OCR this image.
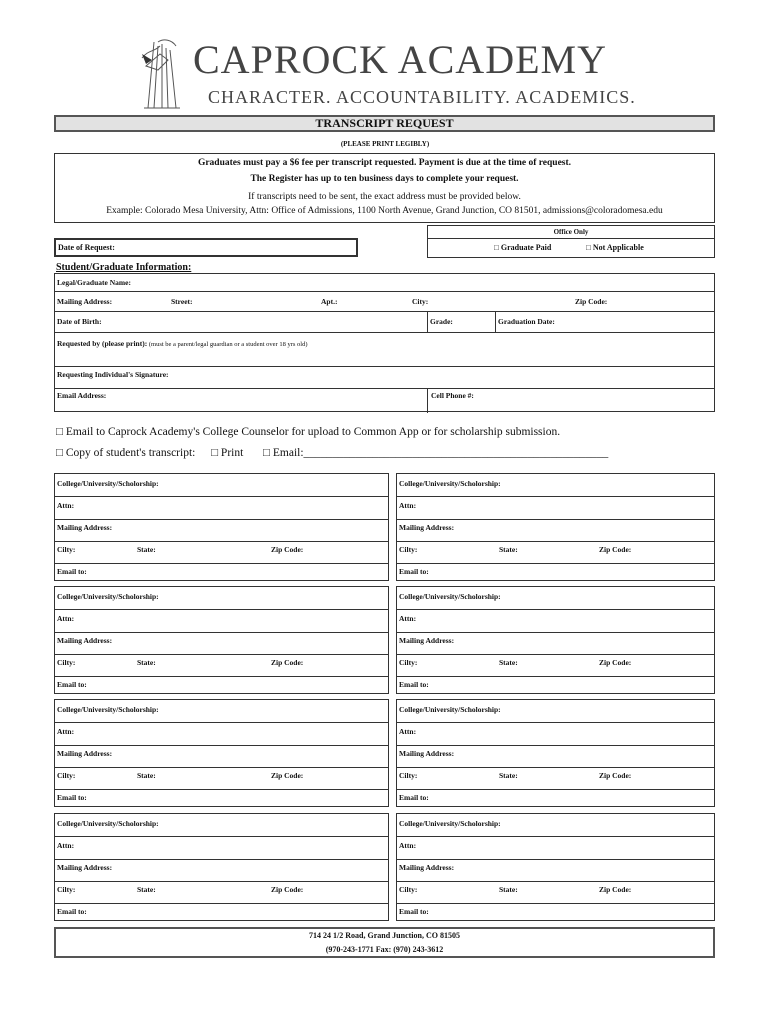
CAPROCK ACADEMY
CHARACTER. ACCOUNTABILITY. ACADEMICS.
TRANSCRIPT REQUEST
(PLEASE PRINT LEGIBLY)
Graduates must pay a $6 fee per transcript requested. Payment is due at the time of request.
The Register has up to ten business days to complete your request.
If transcripts need to be sent, the exact address must be provided below.
Example: Colorado Mesa University, Attn: Office of Admissions, 1100 North Avenue, Grand Junction, CO 81501, admissions@coloradomesa.edu
Office Only
□ Graduate Paid	□ Not Applicable
Date of Request:
Student/Graduate Information:
Legal/Graduate Name:
Mailing Address:	Street:	Apt.:	City:	Zip Code:
Date of Birth:	Grade:	Graduation Date:
Requested by (please print): (must be a parent/legal guardian or a student over 18 yrs old)
Requesting Individual's Signature:
Email Address:	Cell Phone #:
□ Email to Caprock Academy's College Counselor for upload to Common App or for scholarship submission.
□ Copy of student's transcript: □ Print □ Email:_____________________________________________________
College/University/Scholorship:
Attn:
Mailing Address:
Cilty:	State:	Zip Code:
Email to:
College/University/Scholorship:
Attn:
Mailing Address:
Cilty:	State:	Zip Code:
Email to:
College/University/Scholorship:
Attn:
Mailing Address:
Cilty:	State:	Zip Code:
Email to:
College/University/Scholorship:
Attn:
Mailing Address:
Cilty:	State:	Zip Code:
Email to:
College/University/Scholorship:
Attn:
Mailing Address:
Cilty:	State:	Zip Code:
Email to:
College/University/Scholorship:
Attn:
Mailing Address:
Cilty:	State:	Zip Code:
Email to:
College/University/Scholorship:
Attn:
Mailing Address:
Cilty:	State:	Zip Code:
Email to:
College/University/Scholorship:
Attn:
Mailing Address:
Cilty:	State:	Zip Code:
Email to:
714 24 1/2 Road, Grand Junction, CO 81505
(970-243-1771 Fax: (970) 243-3612
